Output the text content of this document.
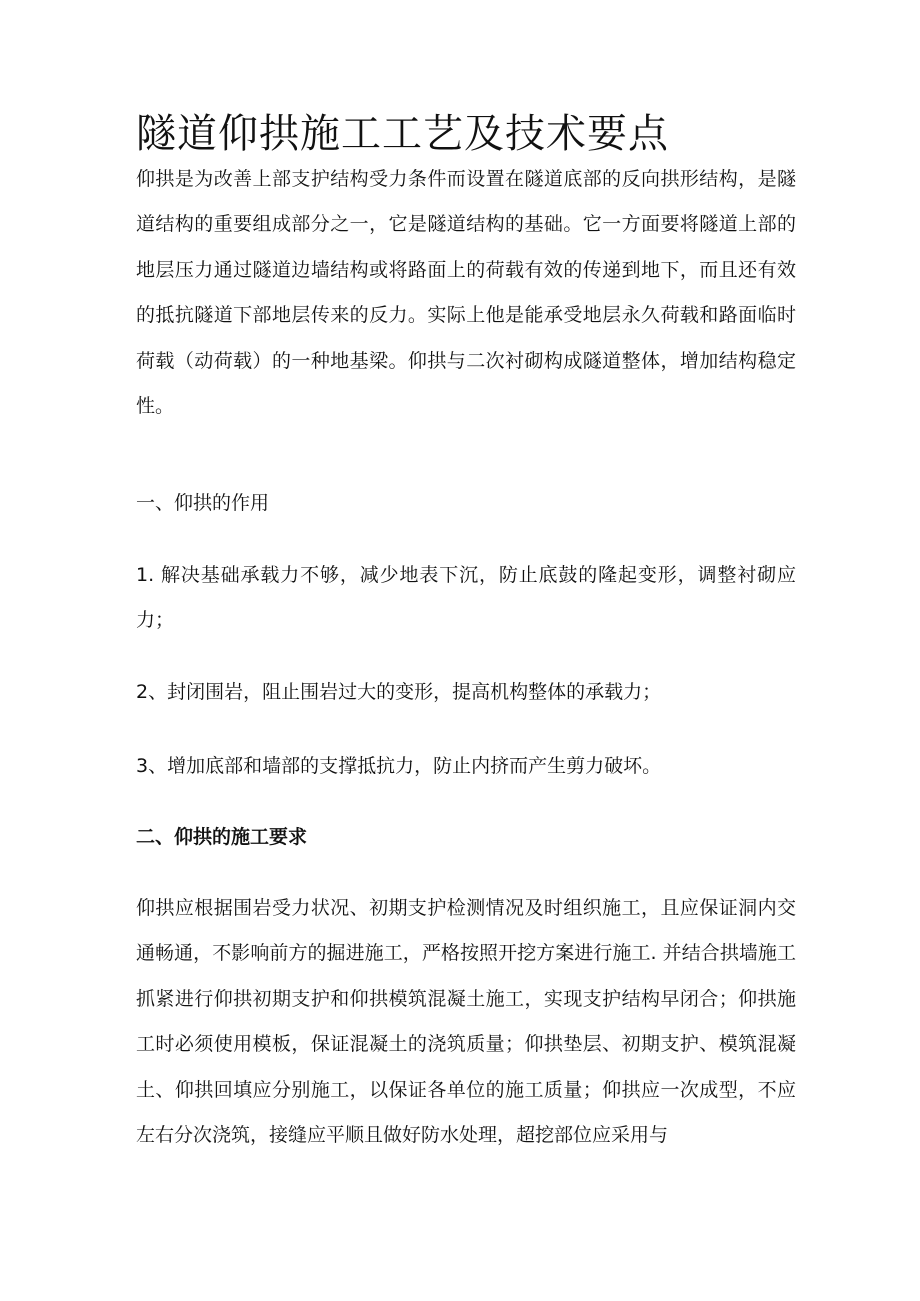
隧道仰拱施工工艺及技术要点

仰拱是为改善上部支护结构受力条件而设置在隧道底部的反向拱形结构，是隧道结构的重要组成部分之一，它是隧道结构的基础。它一方面要将隧道上部的地层压力通过隧道边墙结构或将路面上的荷载有效的传递到地下，而且还有效的抵抗隧道下部地层传来的反力。实际上他是能承受地层永久荷载和路面临时荷载（动荷载）的一种地基梁。仰拱与二次衬砌构成隧道整体，增加结构稳定性。

一、仰拱的作用

1. 解决基础承载力不够，减少地表下沉，防止底鼓的隆起变形，调整衬砌应力；

2、封闭围岩，阻止围岩过大的变形，提高机构整体的承载力；

3、增加底部和墙部的支撑抵抗力，防止内挤而产生剪力破坏。

二、仰拱的施工要求

仰拱应根据围岩受力状况、初期支护检测情况及时组织施工，且应保证洞内交通畅通，不影响前方的掘进施工，严格按照开挖方案进行施工. 并结合拱墙施工抓紧进行仰拱初期支护和仰拱模筑混凝土施工，实现支护结构早闭合；仰拱施工时必须使用模板，保证混凝土的浇筑质量；仰拱垫层、初期支护、模筑混凝土、仰拱回填应分别施工，以保证各单位的施工质量；仰拱应一次成型，不应左右分次浇筑，接缝应平顺且做好防水处理，超挖部位应采用与
